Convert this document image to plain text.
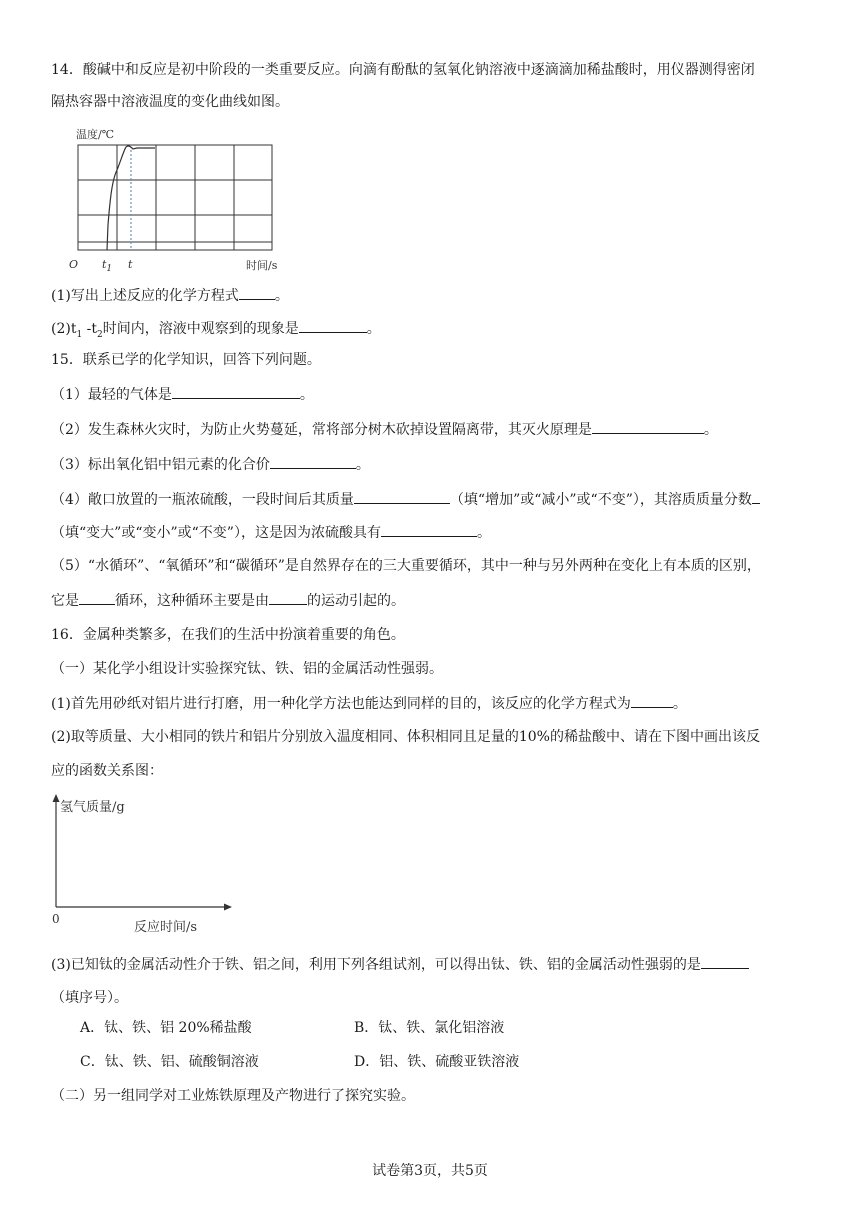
14．酸碱中和反应是初中阶段的一类重要反应。向滴有酚酞的氢氧化钠溶液中逐滴滴加稀盐酸时，用仪器测得密闭
隔热容器中溶液温度的变化曲线如图。
温度/℃
O $t_1$ t	时间/s
(1)写出上述反应的化学方程式	。
$(2)t_1$ $-t_2$时间内，溶液中观察到的现象是	。
15．联系已学的化学知识，回答下列问题。
（1）最轻的气体是	。
（2）发生森林火灾时，为防止火势蔓延，常将部分树木砍掉设置隔离带，其灭火原理是	。
（3）标出氧化铝中铝元素的化合价	。
（4）敞口放置的一瓶浓硫酸，一段时间后其质量	（填“增加”或“减小”或“不变”），其溶质质量分数
（填“变大”或“变小”或“不变”），这是因为浓硫酸具有	。
（5）“水循环”、“氧循环”和“碳循环”是自然界存在的三大重要循环，其中一种与另外两种在变化上有本质的区别，
它是	循环，这种循环主要是由	的运动引起的。
16．金属种类繁多，在我们的生活中扮演着重要的角色。
（一）某化学小组设计实验探究钛、铁、铝的金属活动性强弱。
(1)首先用砂纸对铝片进行打磨，用一种化学方法也能达到同样的目的，该反应的化学方程式为	。
(2)取等质量、大小相同的铁片和铝片分别放入温度相同、体积相同且足量的10%的稀盐酸中、请在下图中画出该反
应的函数关系图：
氢气质量/g
0
反应时间/s
(3)已知钛的金属活动性介于铁、铝之间，利用下列各组试剂，可以得出钛、铁、铝的金属活动性强弱的是
（填序号）。
A．钛、铁、铝 20%稀盐酸	B．钛、铁、氯化铝溶液
C．钛、铁、铝、硫酸铜溶液	D．铝、铁、硫酸亚铁溶液
（二）另一组同学对工业炼铁原理及产物进行了探究实验。
试卷第3页，共5页
